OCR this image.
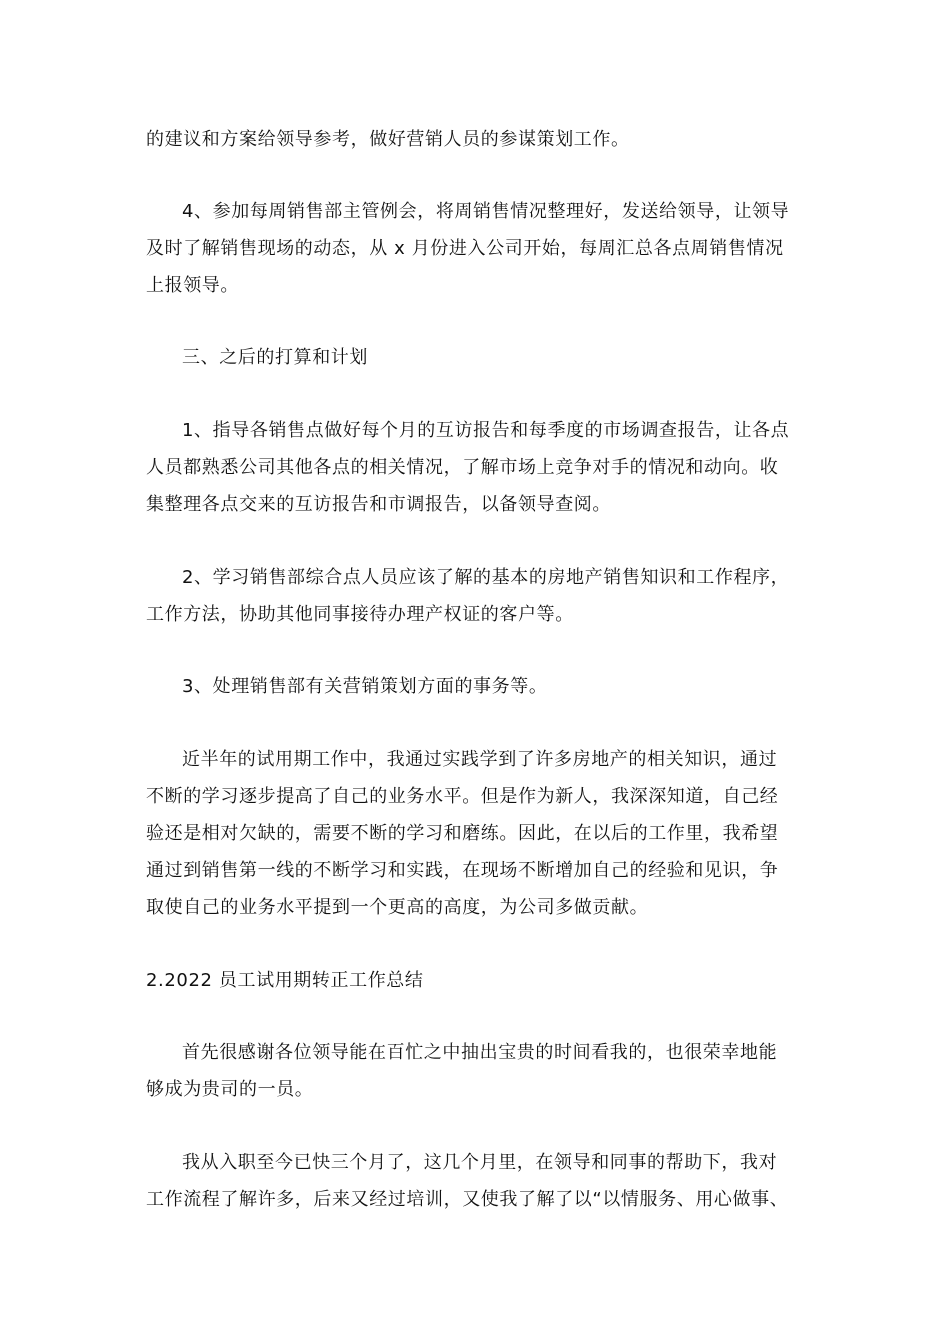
的建议和方案给领导参考，做好营销人员的参谋策划工作。
4、参加每周销售部主管例会，将周销售情况整理好，发送给领导，让领导
及时了解销售现场的动态，从 x 月份进入公司开始，每周汇总各点周销售情况
上报领导。
三、之后的打算和计划
1、指导各销售点做好每个月的互访报告和每季度的市场调查报告，让各点
人员都熟悉公司其他各点的相关情况，了解市场上竞争对手的情况和动向。收
集整理各点交来的互访报告和市调报告，以备领导查阅。
2、学习销售部综合点人员应该了解的基本的房地产销售知识和工作程序，
工作方法，协助其他同事接待办理产权证的客户等。
3、处理销售部有关营销策划方面的事务等。
近半年的试用期工作中，我通过实践学到了许多房地产的相关知识，通过
不断的学习逐步提高了自己的业务水平。但是作为新人，我深深知道，自己经
验还是相对欠缺的，需要不断的学习和磨练。因此，在以后的工作里，我希望
通过到销售第一线的不断学习和实践，在现场不断增加自己的经验和见识，争
取使自己的业务水平提到一个更高的高度，为公司多做贡献。
2.2022 员工试用期转正工作总结
首先很感谢各位领导能在百忙之中抽出宝贵的时间看我的，也很荣幸地能
够成为贵司的一员。
我从入职至今已快三个月了，这几个月里，在领导和同事的帮助下，我对
工作流程了解许多，后来又经过培训，又使我了解了以“以情服务、用心做事、
